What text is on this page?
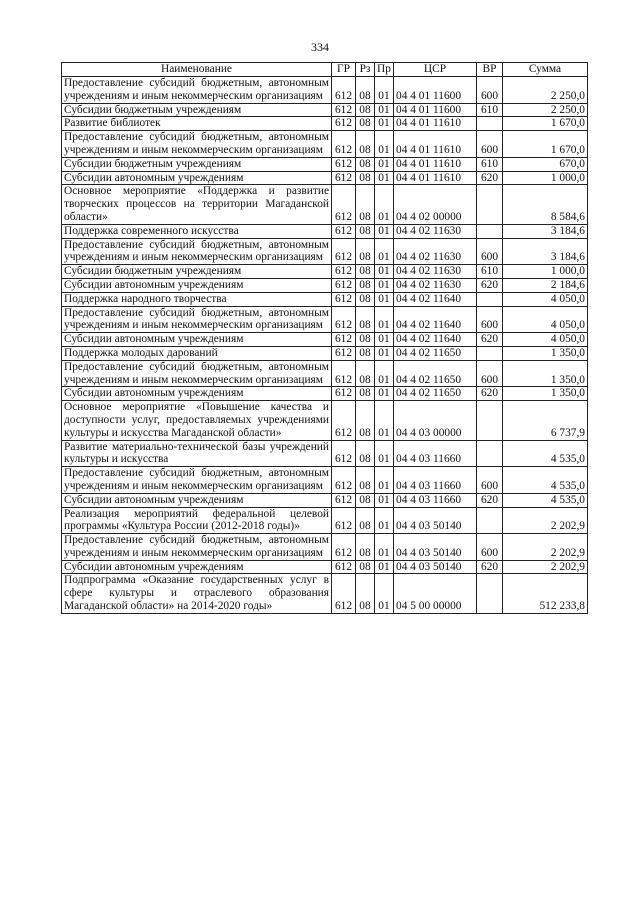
334
Наименование	ГР	Рз	Пр	ЦСР	ВР	Сумма
Предоставление субсидий бюджетным, автономным учреждениям и иным некоммерческим организациям	612	08	01	04 4 01 11600	600	2 250,0
Субсидии бюджетным учреждениям	612	08	01	04 4 01 11600	610	2 250,0
Развитие библиотек	612	08	01	04 4 01 11610		1 670,0
Предоставление субсидий бюджетным, автономным учреждениям и иным некоммерческим организациям	612	08	01	04 4 01 11610	600	1 670,0
Субсидии бюджетным учреждениям	612	08	01	04 4 01 11610	610	670,0
Субсидии автономным учреждениям	612	08	01	04 4 01 11610	620	1 000,0
Основное мероприятие «Поддержка и развитие творческих процессов на территории Магаданской области»	612	08	01	04 4 02 00000		8 584,6
Поддержка современного искусства	612	08	01	04 4 02 11630		3 184,6
Предоставление субсидий бюджетным, автономным учреждениям и иным некоммерческим организациям	612	08	01	04 4 02 11630	600	3 184,6
Субсидии бюджетным учреждениям	612	08	01	04 4 02 11630	610	1 000,0
Субсидии автономным учреждениям	612	08	01	04 4 02 11630	620	2 184,6
Поддержка народного творчества	612	08	01	04 4 02 11640		4 050,0
Предоставление субсидий бюджетным, автономным учреждениям и иным некоммерческим организациям	612	08	01	04 4 02 11640	600	4 050,0
Субсидии автономным учреждениям	612	08	01	04 4 02 11640	620	4 050,0
Поддержка молодых дарований	612	08	01	04 4 02 11650		1 350,0
Предоставление субсидий бюджетным, автономным учреждениям и иным некоммерческим организациям	612	08	01	04 4 02 11650	600	1 350,0
Субсидии автономным учреждениям	612	08	01	04 4 02 11650	620	1 350,0
Основное мероприятие «Повышение качества и доступности услуг, предоставляемых учреждениями культуры и искусства Магаданской области»	612	08	01	04 4 03 00000		6 737,9
Развитие материально-технической базы учреждений культуры и искусства	612	08	01	04 4 03 11660		4 535,0
Предоставление субсидий бюджетным, автономным учреждениям и иным некоммерческим организациям	612	08	01	04 4 03 11660	600	4 535,0
Субсидии автономным учреждениям	612	08	01	04 4 03 11660	620	4 535,0
Реализация мероприятий федеральной целевой программы «Культура России (2012-2018 годы)»	612	08	01	04 4 03 50140		2 202,9
Предоставление субсидий бюджетным, автономным учреждениям и иным некоммерческим организациям	612	08	01	04 4 03 50140	600	2 202,9
Субсидии автономным учреждениям	612	08	01	04 4 03 50140	620	2 202,9
Подпрограмма «Оказание государственных услуг в сфере культуры и отраслевого образования Магаданской области» на 2014-2020 годы»	612	08	01	04 5 00 00000		512 233,8
